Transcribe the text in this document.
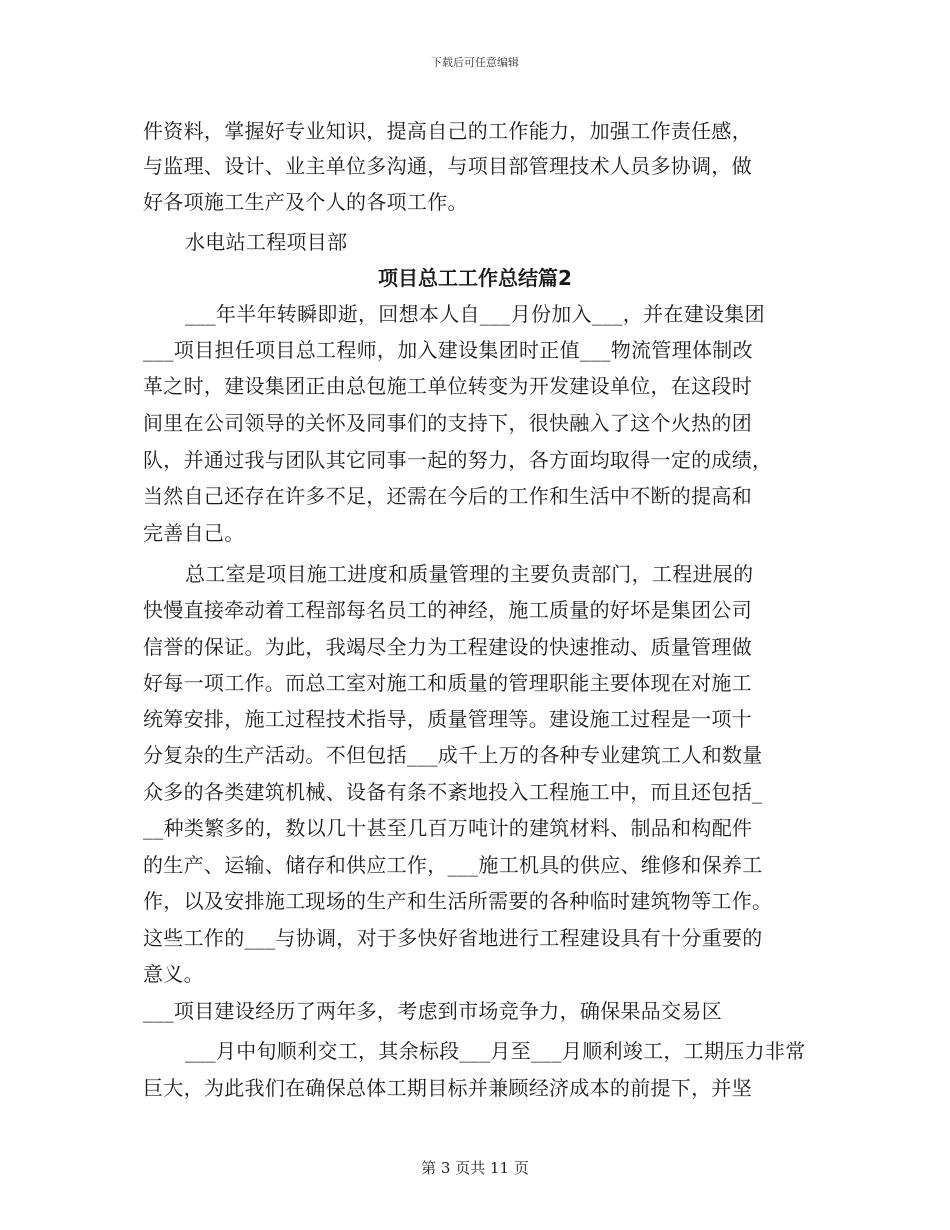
下载后可任意编辑
件资料，掌握好专业知识，提高自己的工作能力，加强工作责任感，
与监理、设计、业主单位多沟通，与项目部管理技术人员多协调，做
好各项施工生产及个人的各项工作。
水电站工程项目部
项目总工工作总结篇2
___年半年转瞬即逝，回想本人自___月份加入___，并在建设集团
___项目担任项目总工程师，加入建设集团时正值___物流管理体制改
革之时，建设集团正由总包施工单位转变为开发建设单位，在这段时
间里在公司领导的关怀及同事们的支持下，很快融入了这个火热的团
队，并通过我与团队其它同事一起的努力，各方面均取得一定的成绩，
当然自己还存在许多不足，还需在今后的工作和生活中不断的提高和
完善自己。
总工室是项目施工进度和质量管理的主要负责部门，工程进展的
快慢直接牵动着工程部每名员工的神经，施工质量的好坏是集团公司
信誉的保证。为此，我竭尽全力为工程建设的快速推动、质量管理做
好每一项工作。而总工室对施工和质量的管理职能主要体现在对施工
统筹安排，施工过程技术指导，质量管理等。建设施工过程是一项十
分复杂的生产活动。不但包括___成千上万的各种专业建筑工人和数量
众多的各类建筑机械、设备有条不紊地投入工程施工中，而且还包括_
__种类繁多的，数以几十甚至几百万吨计的建筑材料、制品和构配件
的生产、运输、储存和供应工作，___施工机具的供应、维修和保养工
作，以及安排施工现场的生产和生活所需要的各种临时建筑物等工作。
这些工作的___与协调，对于多快好省地进行工程建设具有十分重要的
意义。
___项目建设经历了两年多，考虑到市场竞争力，确保果品交易区
___月中旬顺利交工，其余标段___月至___月顺利竣工，工期压力非常
巨大，为此我们在确保总体工期目标并兼顾经济成本的前提下，并坚
第 3 页共 11 页
